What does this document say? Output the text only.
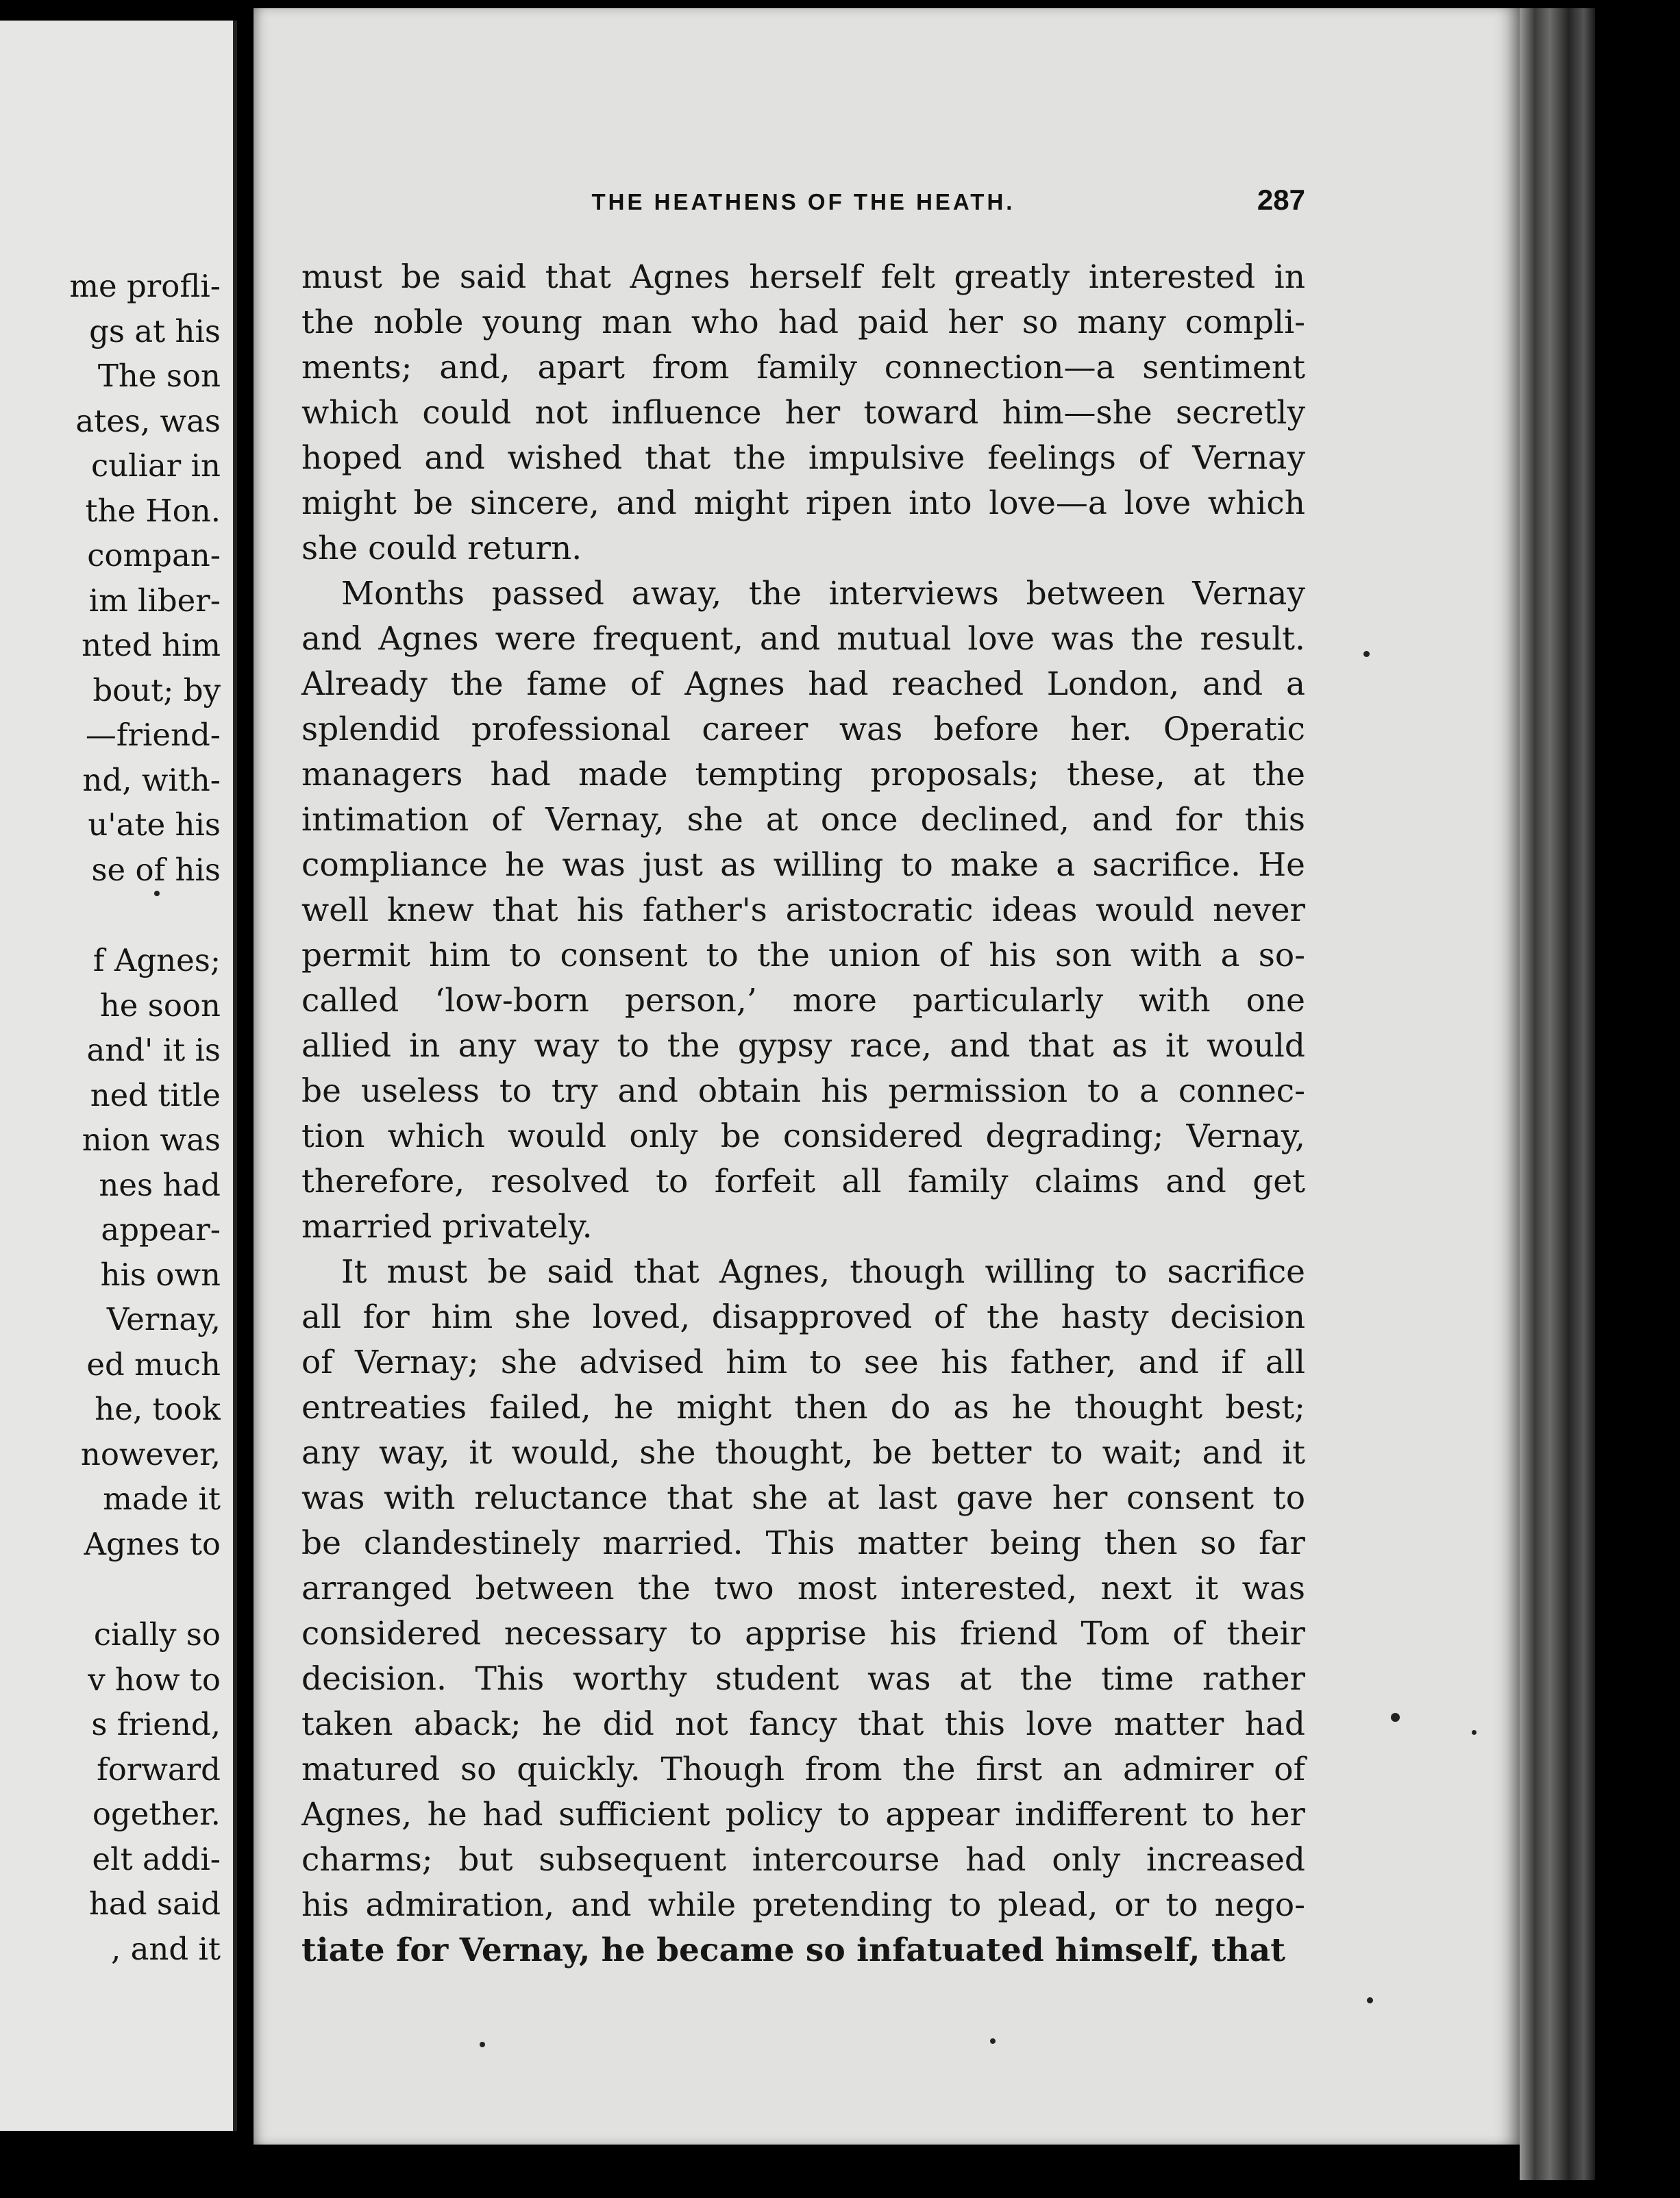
me profli-
gs at his
The son
ates, was
culiar in
the Hon.
compan-
im liber-
nted him
bout; by
—friend-
nd, with-
u'ate his
se of his
f Agnes;
he soon
and' it is
ned title
nion was
nes had
appear-
his own
Vernay,
ed much
he, took
nowever,
made it
Agnes to
cially so
v how to
s friend,
forward
ogether.
elt addi-
had said
, and it
THE HEATHENS OF THE HEATH.	287
must be said that Agnes herself felt greatly interested in
the noble young man who had paid her so many compli-
ments; and, apart from family connection—a sentiment
which could not influence her toward him—she secretly
hoped and wished that the impulsive feelings of Vernay
might be sincere, and might ripen into love—a love which
she could return.
Months passed away, the interviews between Vernay
and Agnes were frequent, and mutual love was the result.
Already the fame of Agnes had reached London, and a
splendid professional career was before her. Operatic
managers had made tempting proposals; these, at the
intimation of Vernay, she at once declined, and for this
compliance he was just as willing to make a sacrifice. He
well knew that his father's aristocratic ideas would never
permit him to consent to the union of his son with a so-
called ‘low-born person,’ more particularly with one
allied in any way to the gypsy race, and that as it would
be useless to try and obtain his permission to a connec-
tion which would only be considered degrading; Vernay,
therefore, resolved to forfeit all family claims and get
married privately.
It must be said that Agnes, though willing to sacrifice
all for him she loved, disapproved of the hasty decision
of Vernay; she advised him to see his father, and if all
entreaties failed, he might then do as he thought best;
any way, it would, she thought, be better to wait; and it
was with reluctance that she at last gave her consent to
be clandestinely married. This matter being then so far
arranged between the two most interested, next it was
considered necessary to apprise his friend Tom of their
decision. This worthy student was at the time rather
taken aback; he did not fancy that this love matter had
matured so quickly. Though from the first an admirer of
Agnes, he had sufficient policy to appear indifferent to her
charms; but subsequent intercourse had only increased
his admiration, and while pretending to plead, or to nego-
tiate for Vernay, he became so infatuated himself, that
